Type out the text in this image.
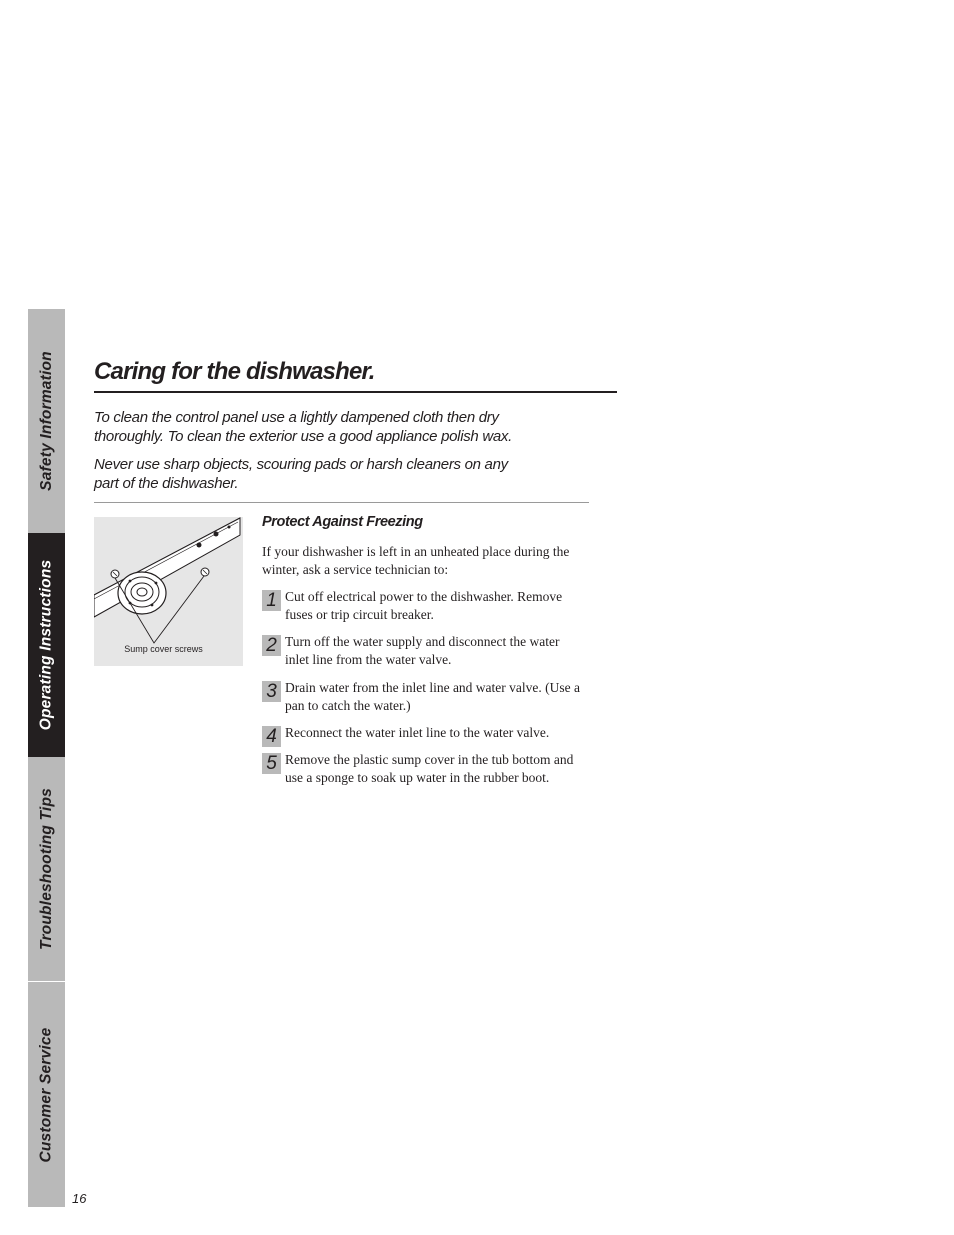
Safety Information
Operating Instructions
Troubleshooting Tips
Customer Service
16
Caring for the dishwasher.

To clean the control panel use a lightly dampened cloth then dry thoroughly. To clean the exterior use a good appliance polish wax.

Never use sharp objects, scouring pads or harsh cleaners on any part of the dishwasher.

Sump cover screws
Protect Against Freezing

If your dishwasher is left in an unheated place during the winter, ask a service technician to:

1 Cut off electrical power to the dishwasher. Remove fuses or trip circuit breaker.

2 Turn off the water supply and disconnect the water inlet line from the water valve.

3 Drain water from the inlet line and water valve. (Use a pan to catch the water.)

4 Reconnect the water inlet line to the water valve.

5 Remove the plastic sump cover in the tub bottom and use a sponge to soak up water in the rubber boot.
